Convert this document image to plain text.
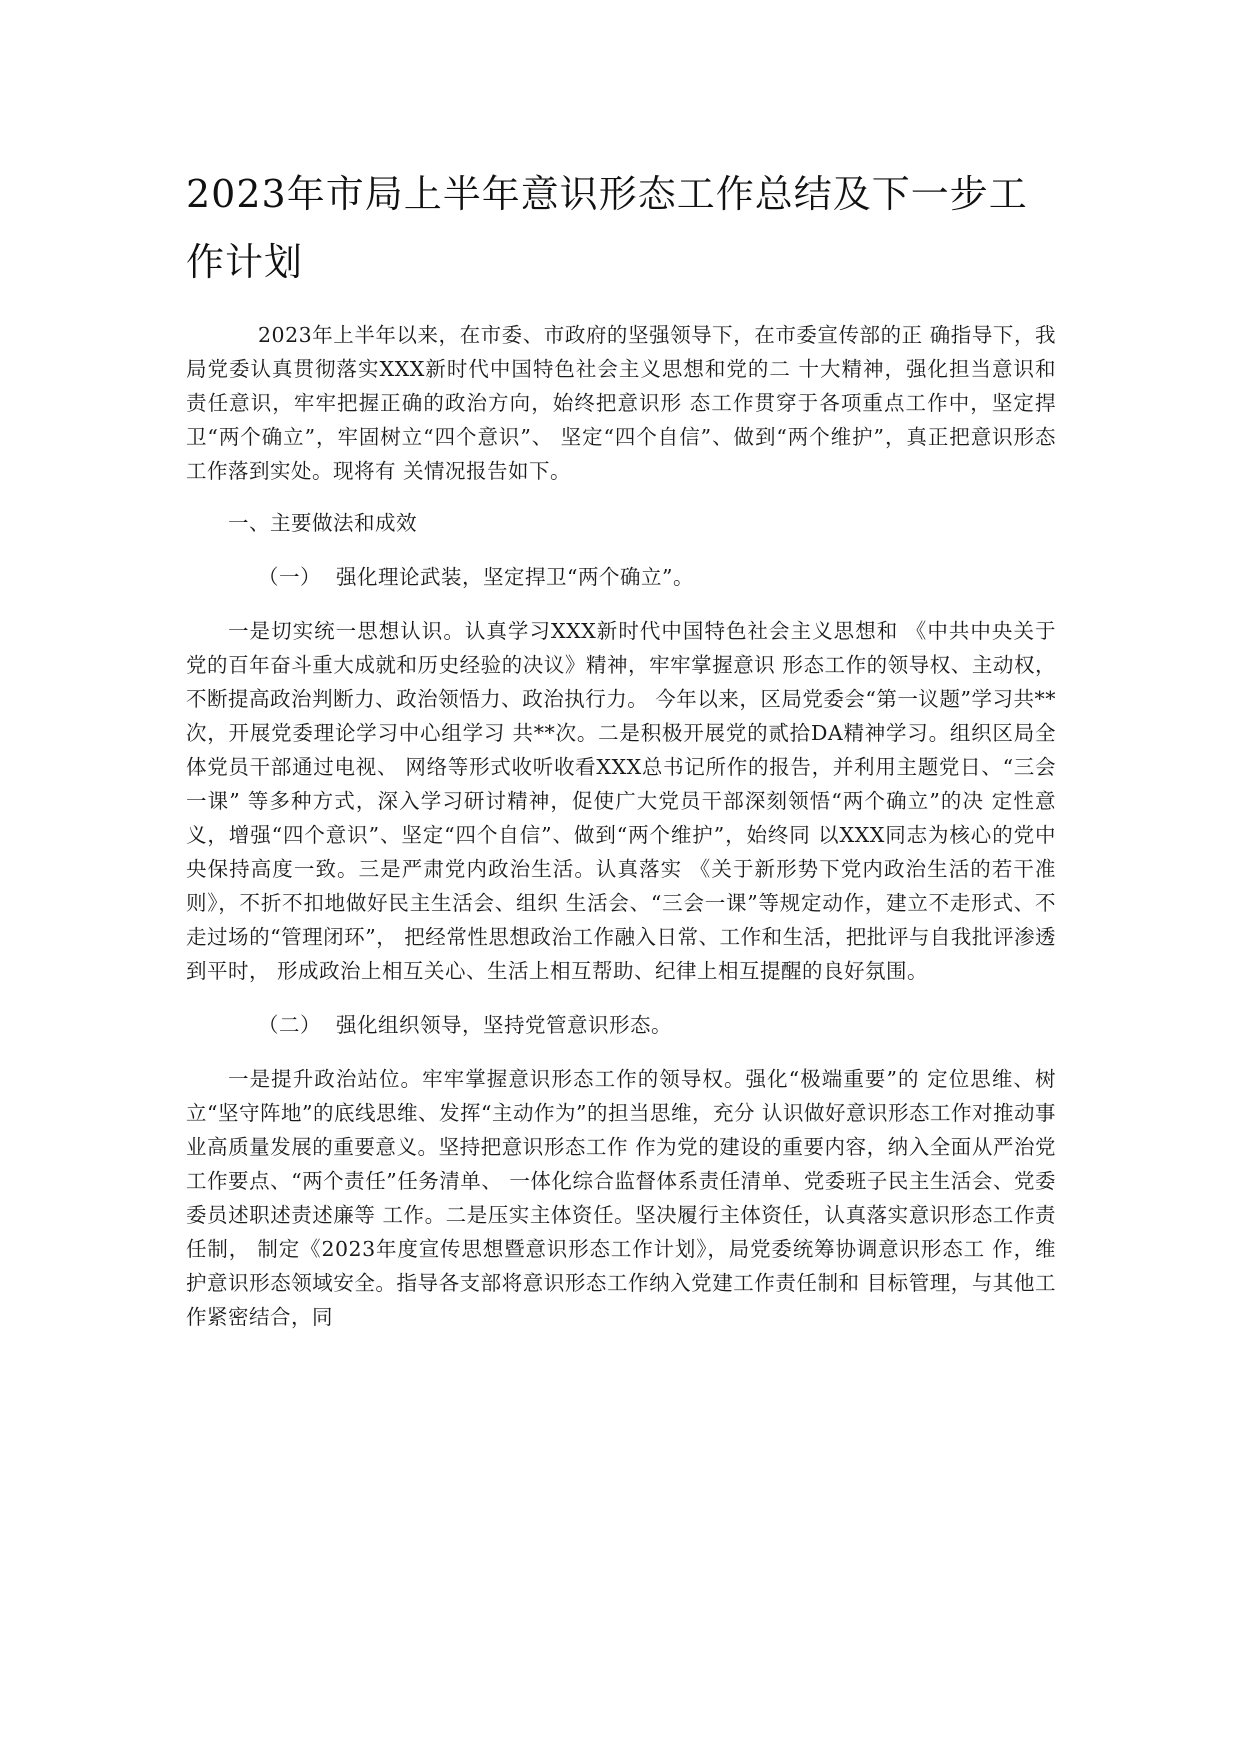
2023年市局上半年意识形态工作总结及下一步工作计划

2023年上半年以来，在市委、市政府的坚强领导下，在市委宣传部的正 确指导下，我局党委认真贯彻落实XXX新时代中国特色社会主义思想和党的二 十大精神，强化担当意识和责任意识，牢牢把握正确的政治方向，始终把意识形 态工作贯穿于各项重点工作中，坚定捍卫“两个确立”，牢固树立“四个意识”、 坚定“四个自信”、做到“两个维护”，真正把意识形态工作落到实处。现将有 关情况报告如下。

一、主要做法和成效

（一） 强化理论武装，坚定捍卫“两个确立”。

一是切实统一思想认识。认真学习XXX新时代中国特色社会主义思想和 《中共中央关于党的百年奋斗重大成就和历史经验的决议》精神，牢牢掌握意识 形态工作的领导权、主动权，不断提高政治判断力、政治领悟力、政治执行力。 今年以来，区局党委会“第一议题”学习共**次，开展党委理论学习中心组学习 共**次。二是积极开展党的贰拾DA精神学习。组织区局全体党员干部通过电视、 网络等形式收听收看XXX总书记所作的报告，并利用主题党日、“三会一课” 等多种方式，深入学习研讨精神，促使广大党员干部深刻领悟“两个确立”的决 定性意义，增强“四个意识”、坚定“四个自信”、做到“两个维护”，始终同 以XXX同志为核心的党中央保持高度一致。三是严肃党内政治生活。认真落实 《关于新形势下党内政治生活的若干准则》，不折不扣地做好民主生活会、组织 生活会、“三会一课”等规定动作，建立不走形式、不走过场的“管理闭环”， 把经常性思想政治工作融入日常、工作和生活，把批评与自我批评渗透到平时， 形成政治上相互关心、生活上相互帮助、纪律上相互提醒的良好氛围。

（二） 强化组织领导，坚持党管意识形态。

一是提升政治站位。牢牢掌握意识形态工作的领导权。强化“极端重要”的 定位思维、树立“坚守阵地”的底线思维、发挥“主动作为”的担当思维，充分 认识做好意识形态工作对推动事业高质量发展的重要意义。坚持把意识形态工作 作为党的建设的重要内容，纳入全面从严治党工作要点、“两个责任”任务清单、 一体化综合监督体系责任清单、党委班子民主生活会、党委委员述职述责述廉等 工作。二是压实主体资任。坚决履行主体资任，认真落实意识形态工作责任制， 制定《2023年度宣传思想暨意识形态工作计划》，局党委统筹协调意识形态工 作，维护意识形态领域安全。指导各支部将意识形态工作纳入党建工作责任制和 目标管理，与其他工作紧密结合，同
